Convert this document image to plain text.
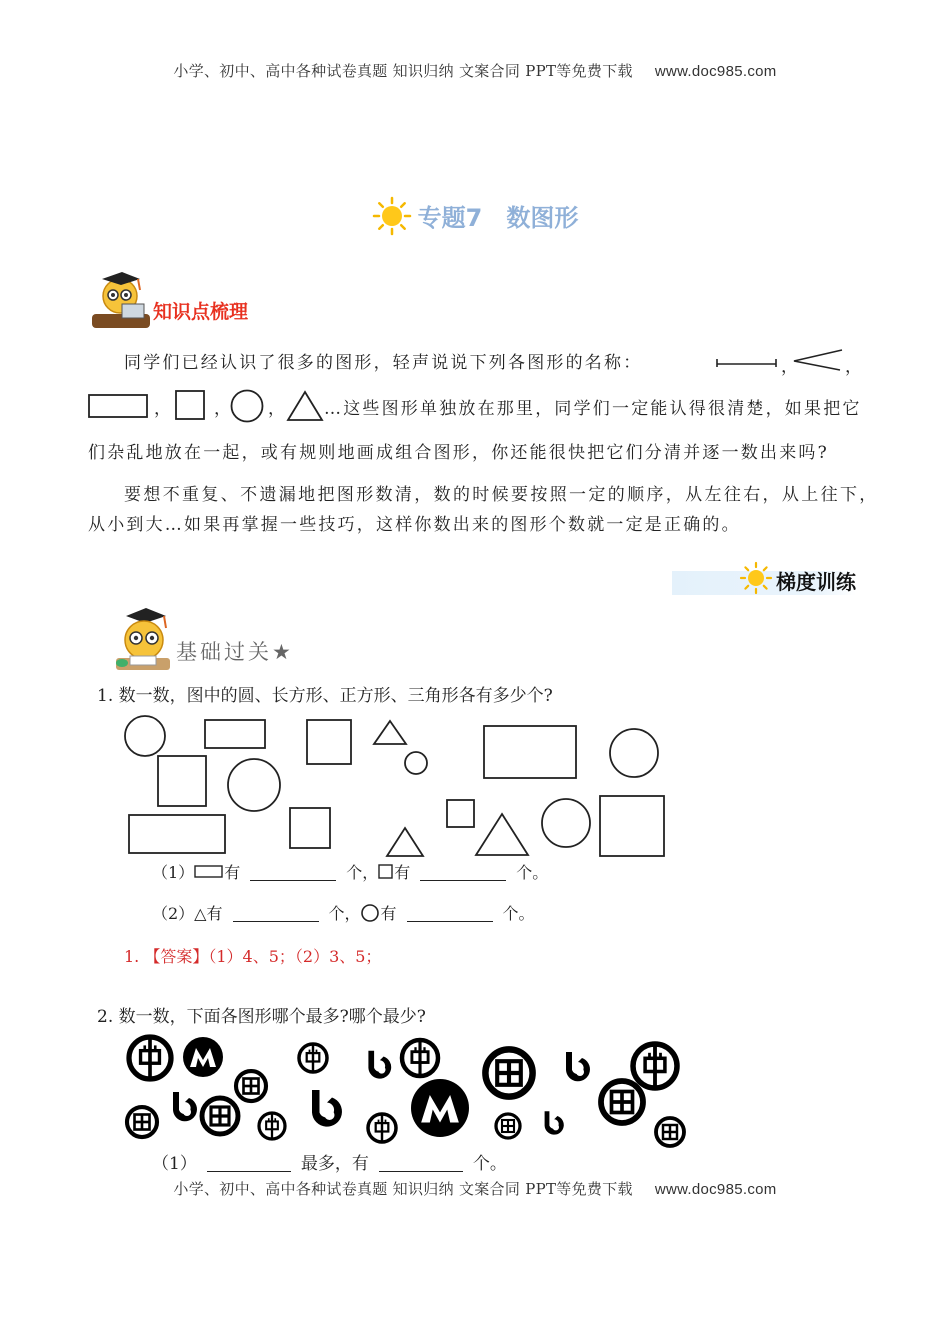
小学、初中、高中各种试卷真题 知识归纳 文案合同 PPT等免费下载 www.doc985.com
专题7 数图形
知识点梳理
同学们已经认识了很多的图形，轻声说说下列各图形的名称：	，	，
，	， ， …这些图形单独放在那里，同学们一定能认得很清楚，如果把它
们杂乱地放在一起，或有规则地画成组合图形，你还能很快把它们分清并逐一数出来吗?
要想不重复、不遗漏地把图形数清，数的时候要按照一定的顺序，从左往右，从上往下，
从小到大…如果再掌握一些技巧，这样你数出来的图形个数就一定是正确的。
梯度训练
基础过关★
1. 数一数，图中的圆、长方形、正方形、三角形各有多少个?
（1） 有	个， 有	个。
（2）△有	个， 有	个。
1. 【答案】（1）4、5；（2）3、5；
2. 数一数，下面各图形哪个最多?哪个最少?
（1）	最多，有	个。
小学、初中、高中各种试卷真题 知识归纳 文案合同 PPT等免费下载 www.doc985.com
